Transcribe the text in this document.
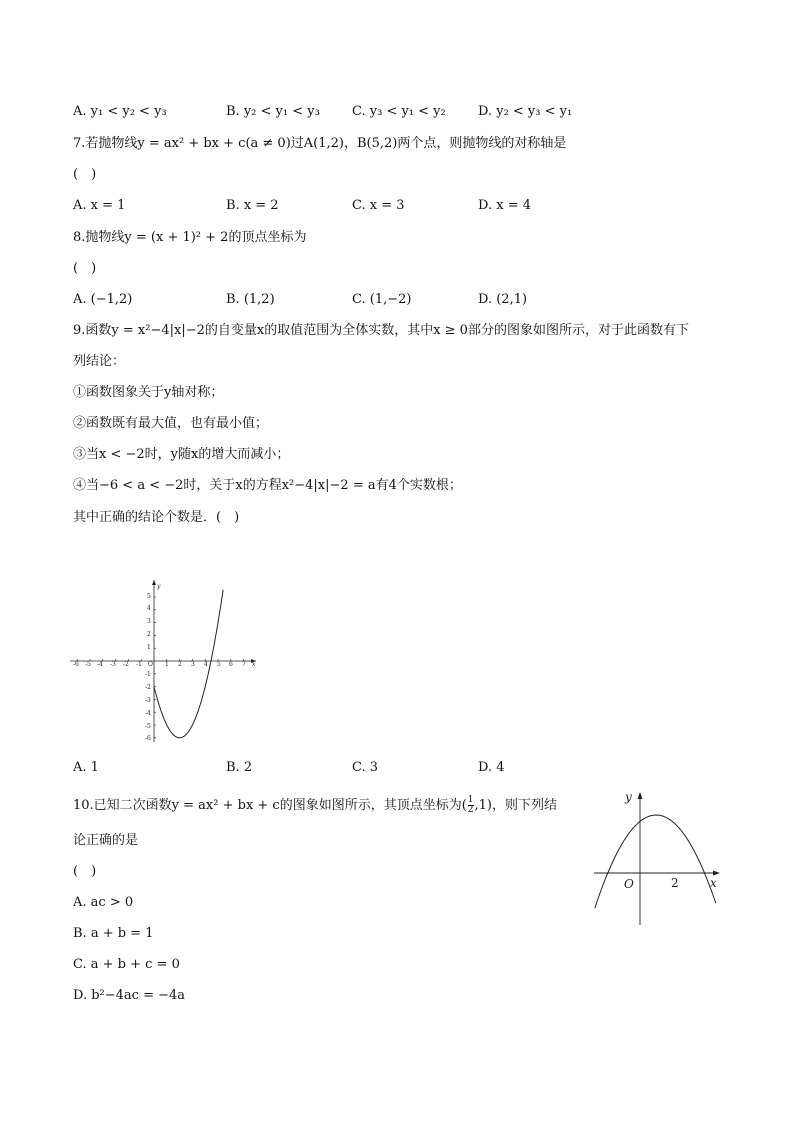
A. y₁ < y₂ < y₃	B. y₂ < y₁ < y₃ C. y₃ < y₁ < y₂ D. y₂ < y₃ < y₁
7.若抛物线y = ax² + bx + c(a ≠ 0)过A(1,2)，B(5,2)两个点，则抛物线的对称轴是
(　)
A. x = 1	B. x = 2	C. x = 3	D. x = 4
8.抛物线y = (x + 1)² + 2的顶点坐标为
(　)
A. (−1,2)	B. (1,2)	C. (1,−2)	D. (2,1)
9.函数y = x²−4|x|−2的自变量x的取值范围为全体实数，其中x ≥ 0部分的图象如图所示，对于此函数有下
列结论：
①函数图象关于y轴对称；
②函数既有最大值，也有最小值；
③当x < −2时，y随x的增大而减小；
④当−6 < a < −2时，关于x的方程x²−4|x|−2 = a有4个实数根；
其中正确的结论个数是．(　)
-6 -5 -4 -3 -2 -1 O 1 2 3 4 5 6 7 x
5
4
3
2
1
-1
-2
-3
-4
-5
-6
y
A. 1	B. 2	C. 3	D. 4
10.已知二次函数y = ax² + bx + c的图象如图所示，其顶点坐标为( $\frac{1}{2} ,1$)，则下列结
论正确的是
(　)
A. ac > 0
B. a + b = 1
C. a + b + c = 0
D. b²−4ac = −4a
y
x
O	2
